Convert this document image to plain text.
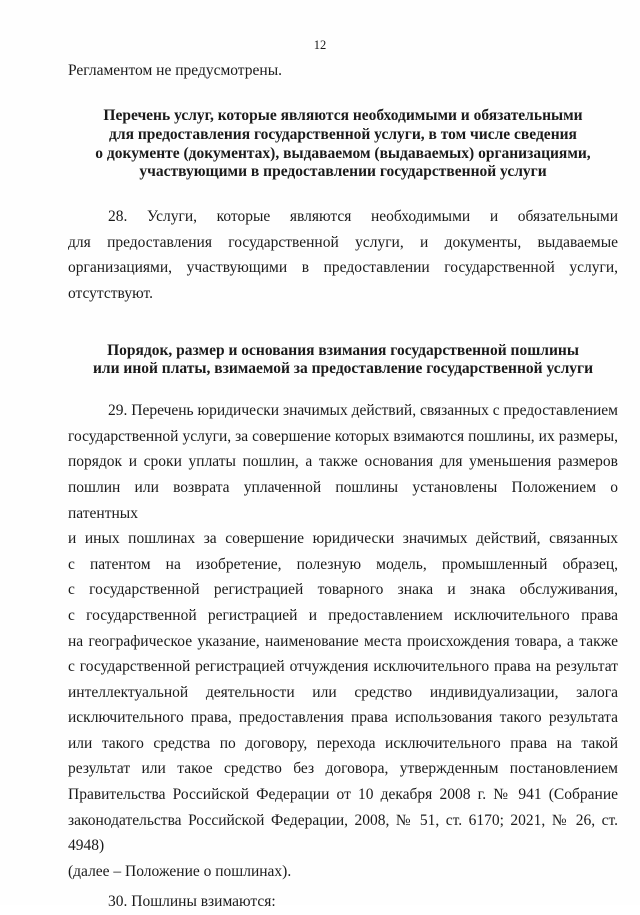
12
Регламентом не предусмотрены.
Перечень услуг, которые являются необходимыми и обязательными
для предоставления государственной услуги, в том числе сведения
о документе (документах), выдаваемом (выдаваемых) организациями,
участвующими в предоставлении государственной услуги
28. Услуги, которые являются необходимыми и обязательными
для предоставления государственной услуги, и документы, выдаваемые
организациями, участвующими в предоставлении государственной услуги,
отсутствуют.
Порядок, размер и основания взимания государственной пошлины
или иной платы, взимаемой за предоставление государственной услуги
29. Перечень юридически значимых действий, связанных с предоставлением
государственной услуги, за совершение которых взимаются пошлины, их размеры,
порядок и сроки уплаты пошлин, а также основания для уменьшения размеров
пошлин или возврата уплаченной пошлины установлены Положением о патентных
и иных пошлинах за совершение юридически значимых действий, связанных
с патентом на изобретение, полезную модель, промышленный образец,
с государственной регистрацией товарного знака и знака обслуживания,
с государственной регистрацией и предоставлением исключительного права
на географическое указание, наименование места происхождения товара, а также
с государственной регистрацией отчуждения исключительного права на результат
интеллектуальной деятельности или средство индивидуализации, залога
исключительного права, предоставления права использования такого результата
или такого средства по договору, перехода исключительного права на такой
результат или такое средство без договора, утвержденным постановлением
Правительства Российской Федерации от 10 декабря 2008 г. № 941 (Собрание
законодательства Российской Федерации, 2008, № 51, ст. 6170; 2021, № 26, ст. 4948)
(далее – Положение о пошлинах).
30. Пошлины взимаются:
